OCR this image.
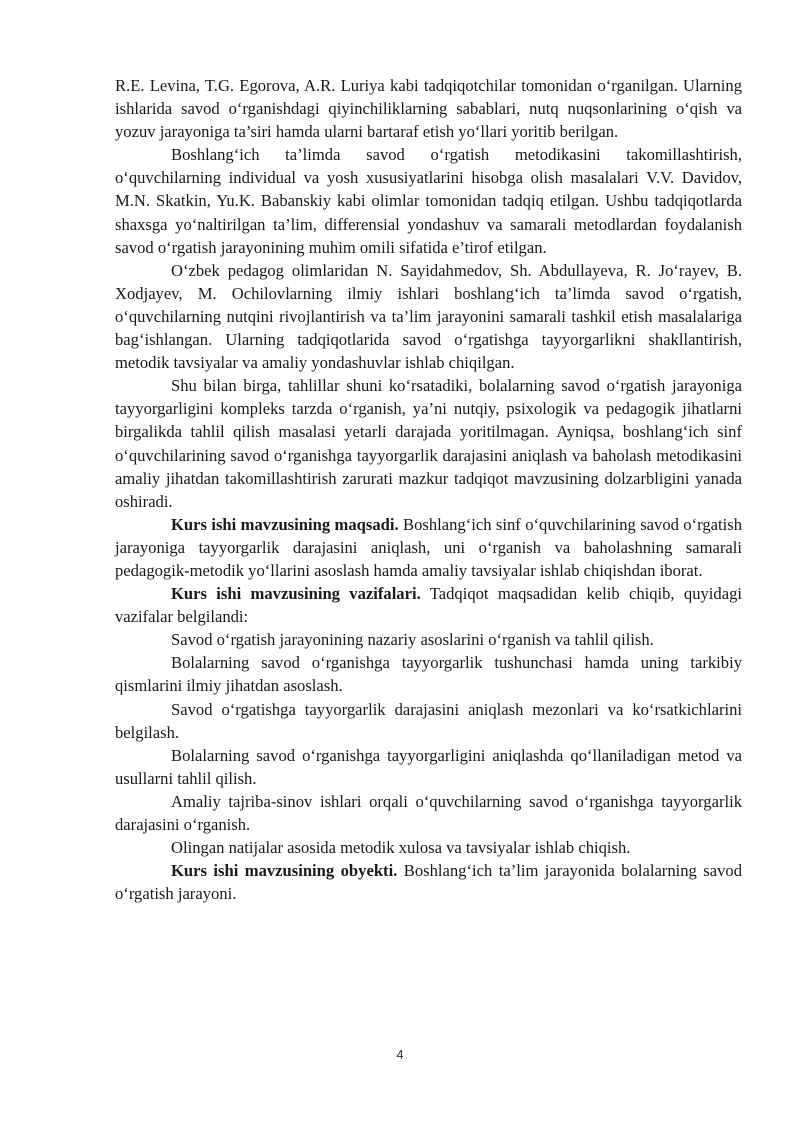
R.E. Levina, T.G. Egorova, A.R. Luriya kabi tadqiqotchilar tomonidan o‘rganilgan. Ularning ishlarida savod o‘rganishdagi qiyinchiliklarning sabablari, nutq nuqsonlarining o‘qish va yozuv jarayoniga ta’siri hamda ularni bartaraf etish yo‘llari yoritib berilgan.

Boshlang‘ich ta’limda savod o‘rgatish metodikasini takomillashtirish, o‘quvchilarning individual va yosh xususiyatlarini hisobga olish masalalari V.V. Davidov, M.N. Skatkin, Yu.K. Babanskiy kabi olimlar tomonidan tadqiq etilgan. Ushbu tadqiqotlarda shaxsga yo‘naltirilgan ta’lim, differensial yondashuv va samarali metodlardan foydalanish savod o‘rgatish jarayonining muhim omili sifatida e’tirof etilgan.

O‘zbek pedagog olimlaridan N. Sayidahmedov, Sh. Abdullayeva, R. Jo‘rayev, B. Xodjayev, M. Ochilovlarning ilmiy ishlari boshlang‘ich ta’limda savod o‘rgatish, o‘quvchilarning nutqini rivojlantirish va ta’lim jarayonini samarali tashkil etish masalalariga bag‘ishlangan. Ularning tadqiqotlarida savod o‘rgatishga tayyorgarlikni shakllantirish, metodik tavsiyalar va amaliy yondashuvlar ishlab chiqilgan.

Shu bilan birga, tahlillar shuni ko‘rsatadiki, bolalarning savod o‘rgatish jarayoniga tayyorgarligini kompleks tarzda o‘rganish, ya’ni nutqiy, psixologik va pedagogik jihatlarni birgalikda tahlil qilish masalasi yetarli darajada yoritilmagan. Ayniqsa, boshlang‘ich sinf o‘quvchilarining savod o‘rganishga tayyorgarlik darajasini aniqlash va baholash metodikasini amaliy jihatdan takomillashtirish zarurati mazkur tadqiqot mavzusining dolzarbligini yanada oshiradi.

Kurs ishi mavzusining maqsadi. Boshlang‘ich sinf o‘quvchilarining savod o‘rgatish jarayoniga tayyorgarlik darajasini aniqlash, uni o‘rganish va baholashning samarali pedagogik-metodik yo‘llarini asoslash hamda amaliy tavsiyalar ishlab chiqishdan iborat.

Kurs ishi mavzusining vazifalari. Tadqiqot maqsadidan kelib chiqib, quyidagi vazifalar belgilandi:

Savod o‘rgatish jarayonining nazariy asoslarini o‘rganish va tahlil qilish.

Bolalarning savod o‘rganishga tayyorgarlik tushunchasi hamda uning tarkibiy qismlarini ilmiy jihatdan asoslash.

Savod o‘rgatishga tayyorgarlik darajasini aniqlash mezonlari va ko‘rsatkichlarini belgilash.

Bolalarning savod o‘rganishga tayyorgarligini aniqlashda qo‘llaniladigan metod va usullarni tahlil qilish.

Amaliy tajriba-sinov ishlari orqali o‘quvchilarning savod o‘rganishga tayyorgarlik darajasini o‘rganish.

Olingan natijalar asosida metodik xulosa va tavsiyalar ishlab chiqish.

Kurs ishi mavzusining obyekti. Boshlang‘ich ta’lim jarayonida bolalarning savod o‘rgatish jarayoni.

4
